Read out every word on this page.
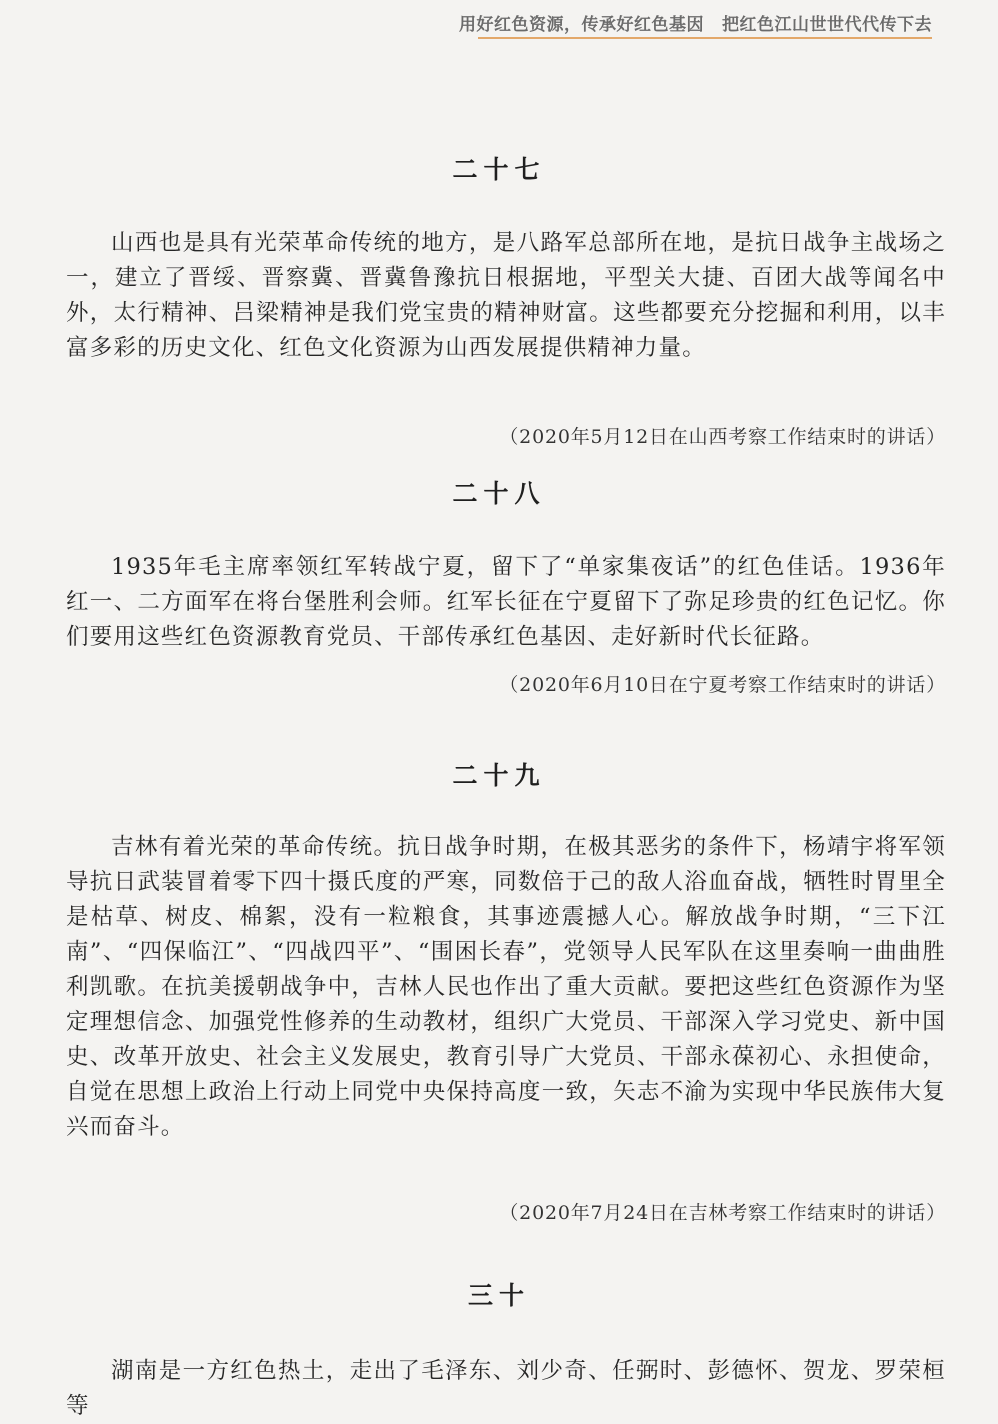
用好红色资源，传承好红色基因 把红色江山世世代代传下去
二十七

山西也是具有光荣革命传统的地方，是八路军总部所在地，是抗日战争主战场之一，建立了晋绥、晋察冀、晋冀鲁豫抗日根据地，平型关大捷、百团大战等闻名中外，太行精神、吕梁精神是我们党宝贵的精神财富。这些都要充分挖掘和利用，以丰富多彩的历史文化、红色文化资源为山西发展提供精神力量。

（2020年5月12日在山西考察工作结束时的讲话）
二十八

1935年毛主席率领红军转战宁夏，留下了“单家集夜话”的红色佳话。1936年红一、二方面军在将台堡胜利会师。红军长征在宁夏留下了弥足珍贵的红色记忆。你们要用这些红色资源教育党员、干部传承红色基因、走好新时代长征路。

（2020年6月10日在宁夏考察工作结束时的讲话）
二十九

吉林有着光荣的革命传统。抗日战争时期，在极其恶劣的条件下，杨靖宇将军领导抗日武装冒着零下四十摄氏度的严寒，同数倍于己的敌人浴血奋战，牺牲时胃里全是枯草、树皮、棉絮，没有一粒粮食，其事迹震撼人心。解放战争时期，“三下江南”、“四保临江”、“四战四平”、“围困长春”，党领导人民军队在这里奏响一曲曲胜利凯歌。在抗美援朝战争中，吉林人民也作出了重大贡献。要把这些红色资源作为坚定理想信念、加强党性修养的生动教材，组织广大党员、干部深入学习党史、新中国史、改革开放史、社会主义发展史，教育引导广大党员、干部永葆初心、永担使命，自觉在思想上政治上行动上同党中央保持高度一致，矢志不渝为实现中华民族伟大复兴而奋斗。

（2020年7月24日在吉林考察工作结束时的讲话）
三十

湖南是一方红色热土，走出了毛泽东、刘少奇、任弼时、彭德怀、贺龙、罗荣桓等
